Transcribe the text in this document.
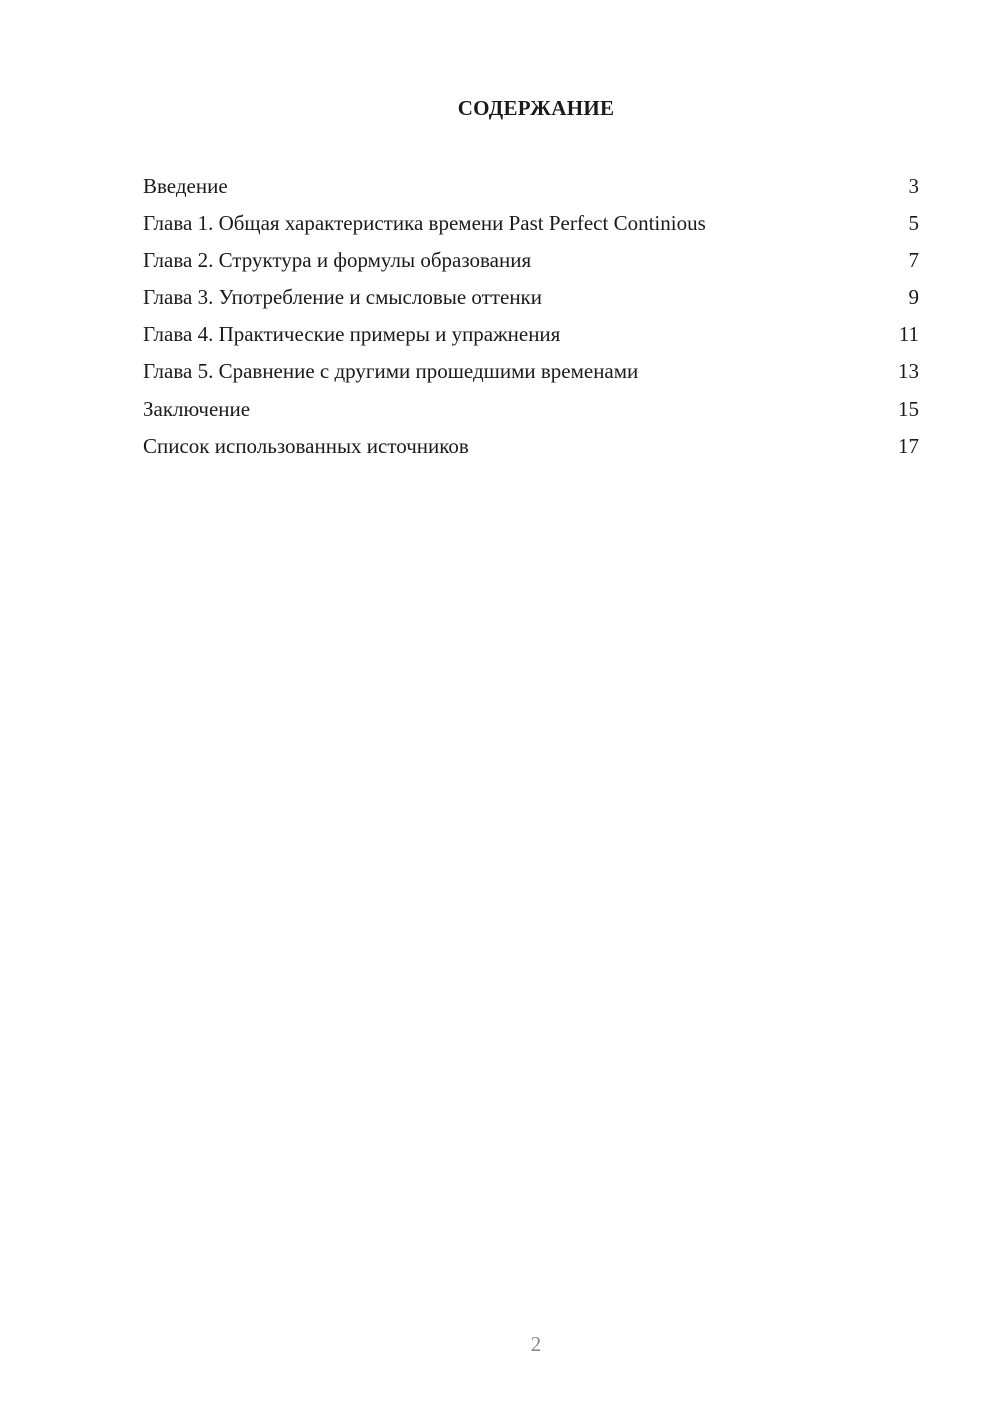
СОДЕРЖАНИЕ
Введение	3
Глава 1. Общая характеристика времени Past Perfect Continious	5
Глава 2. Структура и формулы образования	7
Глава 3. Употребление и смысловые оттенки	9
Глава 4. Практические примеры и упражнения	11
Глава 5. Сравнение с другими прошедшими временами	13
Заключение	15
Список использованных источников	17
2
